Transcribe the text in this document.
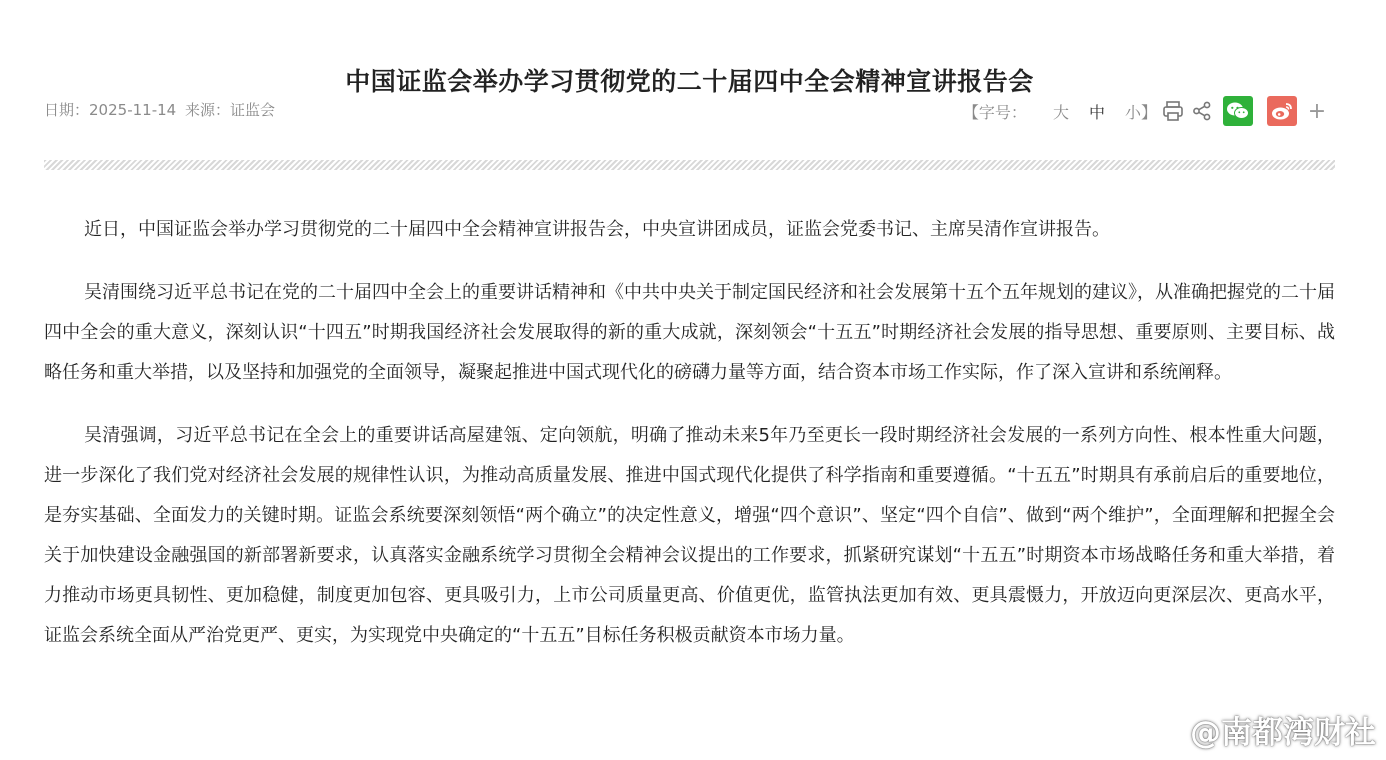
中国证监会举办学习贯彻党的二十届四中全会精神宣讲报告会
日期：2025-11-14 来源：证监会	【字号： 大 中 小 】	+

近日，中国证监会举办学习贯彻党的二十届四中全会精神宣讲报告会，中央宣讲团成员，证监会党委书记、主席吴清作宣讲报告。

吴清围绕习近平总书记在党的二十届四中全会上的重要讲话精神和《中共中央关于制定国民经济和社会发展第十五个五年规划的建议》，从准确把握党的二十届四中全会的重大意义，深刻认识“十四五”时期我国经济社会发展取得的新的重大成就，深刻领会“十五五”时期经济社会发展的指导思想、重要原则、主要目标、战略任务和重大举措，以及坚持和加强党的全面领导，凝聚起推进中国式现代化的磅礴力量等方面，结合资本市场工作实际，作了深入宣讲和系统阐释。

吴清强调，习近平总书记在全会上的重要讲话高屋建瓴、定向领航，明确了推动未来5年乃至更长一段时期经济社会发展的一系列方向性、根本性重大问题，进一步深化了我们党对经济社会发展的规律性认识，为推动高质量发展、推进中国式现代化提供了科学指南和重要遵循。“十五五”时期具有承前启后的重要地位，是夯实基础、全面发力的关键时期。证监会系统要深刻领悟“两个确立”的决定性意义，增强“四个意识”、坚定“四个自信”、做到“两个维护”，全面理解和把握全会关于加快建设金融强国的新部署新要求，认真落实金融系统学习贯彻全会精神会议提出的工作要求，抓紧研究谋划“十五五”时期资本市场战略任务和重大举措，着力推动市场更具韧性、更加稳健，制度更加包容、更具吸引力，上市公司质量更高、价值更优，监管执法更加有效、更具震慑力，开放迈向更深层次、更高水平，证监会系统全面从严治党更严、更实，为实现党中央确定的“十五五”目标任务积极贡献资本市场力量。

@南都湾财社
